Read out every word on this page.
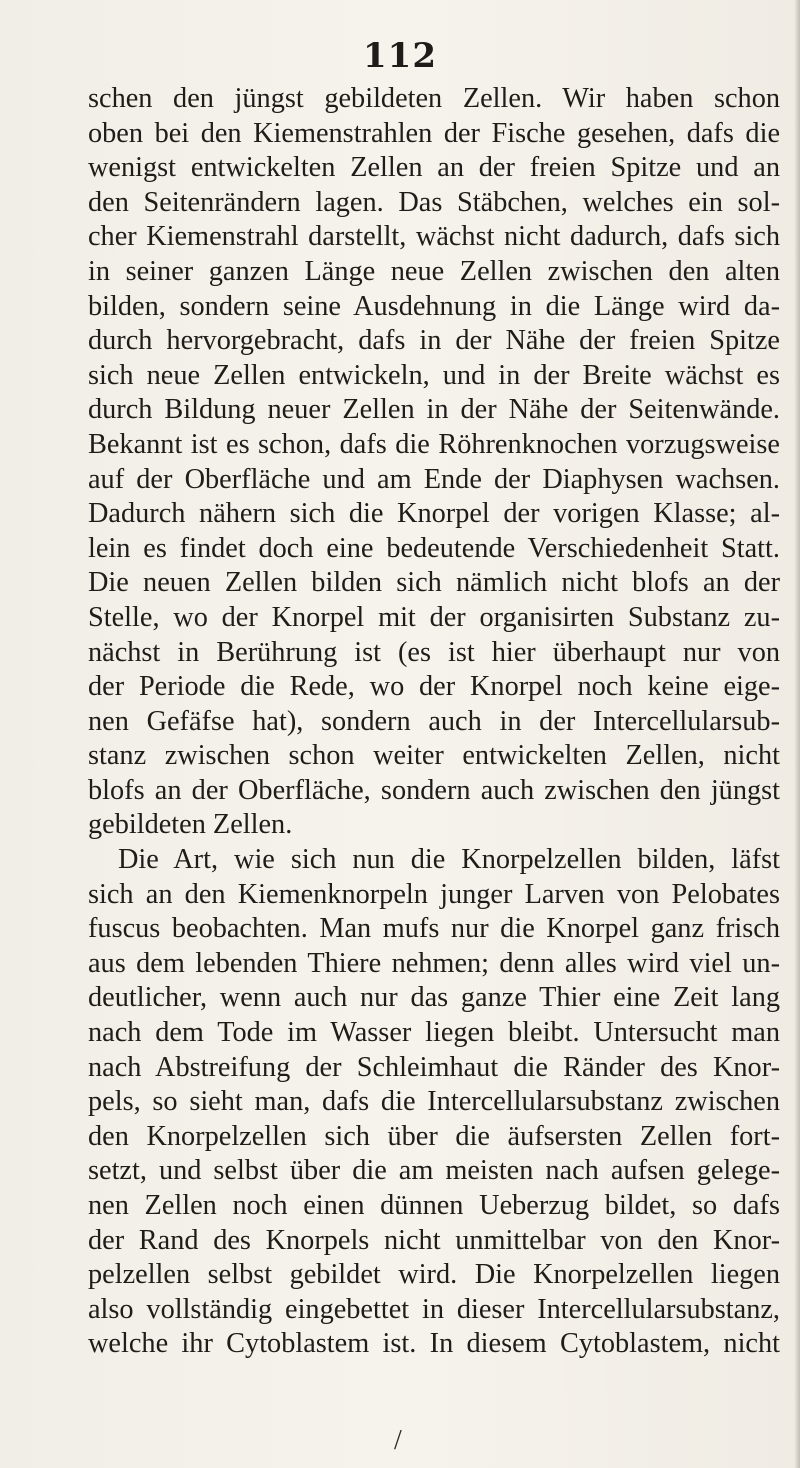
112
schen den jüngst gebildeten Zellen. Wir haben schon
oben bei den Kiemenstrahlen der Fische gesehen, dafs die
wenigst entwickelten Zellen an der freien Spitze und an
den Seitenrändern lagen. Das Stäbchen, welches ein sol-
cher Kiemenstrahl darstellt, wächst nicht dadurch, dafs sich
in seiner ganzen Länge neue Zellen zwischen den alten
bilden, sondern seine Ausdehnung in die Länge wird da-
durch hervorgebracht, dafs in der Nähe der freien Spitze
sich neue Zellen entwickeln, und in der Breite wächst es
durch Bildung neuer Zellen in der Nähe der Seitenwände.
Bekannt ist es schon, dafs die Röhrenknochen vorzugsweise
auf der Oberfläche und am Ende der Diaphysen wachsen.
Dadurch nähern sich die Knorpel der vorigen Klasse; al-
lein es findet doch eine bedeutende Verschiedenheit Statt.
Die neuen Zellen bilden sich nämlich nicht blofs an der
Stelle, wo der Knorpel mit der organisirten Substanz zu-
nächst in Berührung ist (es ist hier überhaupt nur von
der Periode die Rede, wo der Knorpel noch keine eige-
nen Gefäfse hat), sondern auch in der Intercellularsub-
stanz zwischen schon weiter entwickelten Zellen, nicht
blofs an der Oberfläche, sondern auch zwischen den jüngst
gebildeten Zellen.
Die Art, wie sich nun die Knorpelzellen bilden, läfst
sich an den Kiemenknorpeln junger Larven von Pelobates
fuscus beobachten. Man mufs nur die Knorpel ganz frisch
aus dem lebenden Thiere nehmen; denn alles wird viel un-
deutlicher, wenn auch nur das ganze Thier eine Zeit lang
nach dem Tode im Wasser liegen bleibt. Untersucht man
nach Abstreifung der Schleimhaut die Ränder des Knor-
pels, so sieht man, dafs die Intercellularsubstanz zwischen
den Knorpelzellen sich über die äufsersten Zellen fort-
setzt, und selbst über die am meisten nach aufsen gelege-
nen Zellen noch einen dünnen Ueberzug bildet, so dafs
der Rand des Knorpels nicht unmittelbar von den Knor-
pelzellen selbst gebildet wird. Die Knorpelzellen liegen
also vollständig eingebettet in dieser Intercellularsubstanz,
welche ihr Cytoblastem ist. In diesem Cytoblastem, nicht
/
